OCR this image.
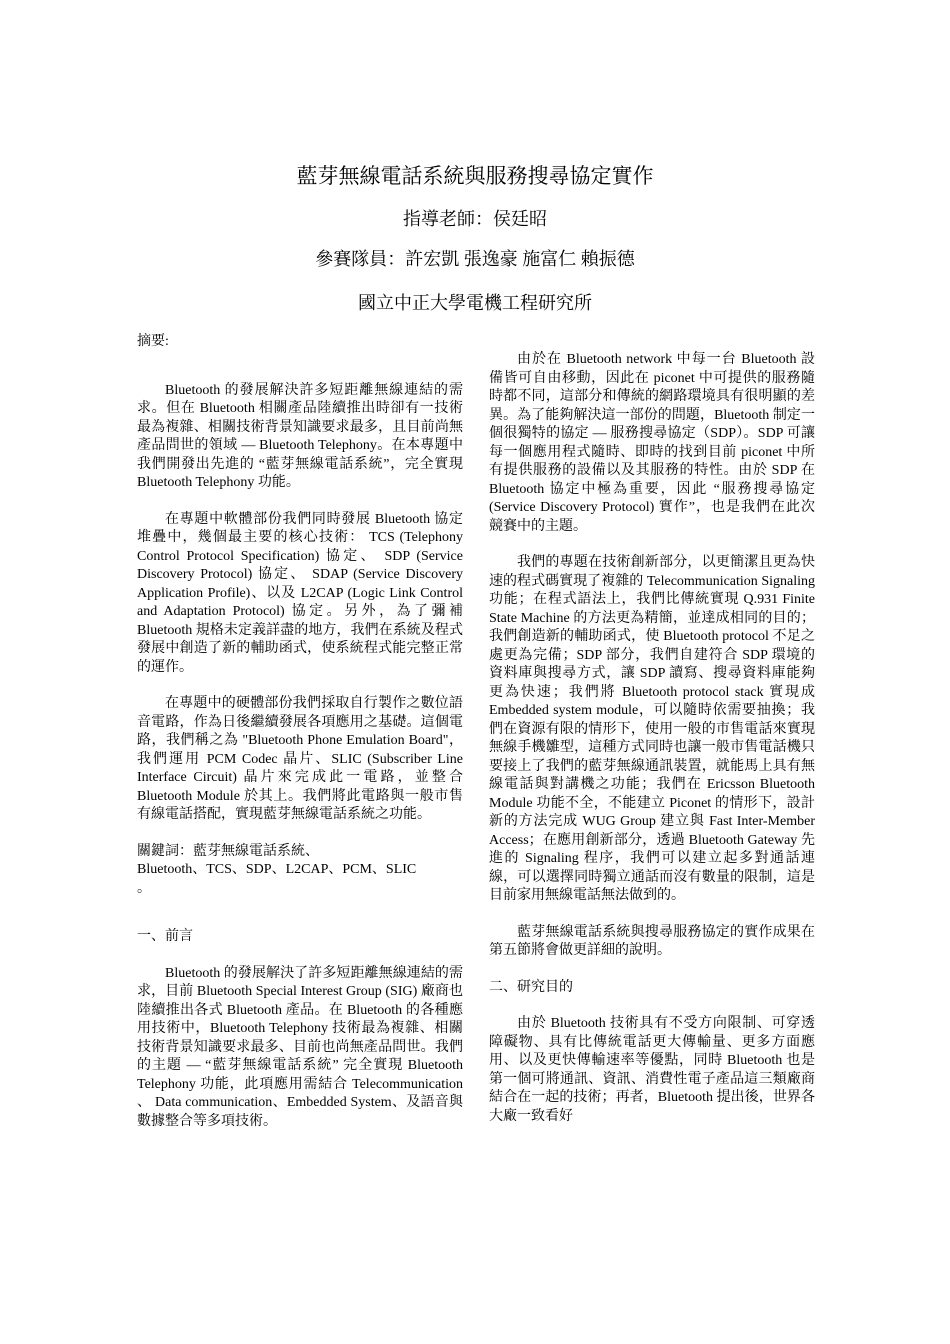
藍芽無線電話系統與服務搜尋協定實作
指導老師：侯廷昭
參賽隊員：許宏凱 張逸豪 施富仁 賴振德
國立中正大學電機工程研究所

摘要:

Bluetooth 的發展解決許多短距離無線連結的需求。但在 Bluetooth 相關產品陸續推出時卻有一技術最為複雜、相關技術背景知識要求最多，且目前尚無產品問世的領域 — Bluetooth Telephony。在本專題中我們開發出先進的 “藍芽無線電話系統”，完全實現 Bluetooth Telephony 功能。

在專題中軟體部份我們同時發展 Bluetooth 協定堆疊中，幾個最主要的核心技術： TCS (Telephony Control Protocol Specification) 協定、 SDP (Service Discovery Protocol) 協定、 SDAP (Service Discovery Application Profile)、以及 L2CAP (Logic Link Control and Adaptation Protocol) 協定。另外，為了彌補 Bluetooth 規格未定義詳盡的地方，我們在系統及程式發展中創造了新的輔助函式，使系統程式能完整正常的運作。

在專題中的硬體部份我們採取自行製作之數位語音電路，作為日後繼續發展各項應用之基礎。這個電路，我們稱之為 "Bluetooth Phone Emulation Board"，我們運用 PCM Codec 晶片、SLIC (Subscriber Line Interface Circuit) 晶片來完成此一電路，並整合 Bluetooth Module 於其上。我們將此電路與一般市售有線電話搭配，實現藍芽無線電話系統之功能。

關鍵詞：藍芽無線電話系統、

Bluetooth、TCS、SDP、L2CAP、PCM、SLIC

。

一、前言

Bluetooth 的發展解決了許多短距離無線連結的需求，目前 Bluetooth Special Interest Group (SIG) 廠商也陸續推出各式 Bluetooth 產品。在 Bluetooth 的各種應用技術中，Bluetooth Telephony 技術最為複雜、相關技術背景知識要求最多、目前也尚無產品問世。我們的主題 — “藍芽無線電話系統” 完全實現 Bluetooth Telephony 功能，此項應用需結合 Telecommunication 、 Data communication、Embedded System、及語音與數據整合等多項技術。

由於在 Bluetooth network 中每一台 Bluetooth 設備皆可自由移動，因此在 piconet 中可提供的服務隨時都不同，這部分和傳統的網路環境具有很明顯的差異。為了能夠解決這一部份的問題，Bluetooth 制定一個很獨特的協定 — 服務搜尋協定（SDP）。SDP 可讓每一個應用程式隨時、即時的找到目前 piconet 中所有提供服務的設備以及其服務的特性。由於 SDP 在 Bluetooth 協定中極為重要，因此 “服務搜尋協定 (Service Discovery Protocol) 實作”，也是我們在此次競賽中的主題。

我們的專題在技術創新部分，以更簡潔且更為快速的程式碼實現了複雜的 Telecommunication Signaling 功能；在程式語法上，我們比傳統實現 Q.931 Finite State Machine 的方法更為精簡，並達成相同的目的；我們創造新的輔助函式，使 Bluetooth protocol 不足之處更為完備；SDP 部分，我們自建符合 SDP 環境的資料庫與搜尋方式，讓 SDP 讀寫、搜尋資料庫能夠更為快速；我們將 Bluetooth protocol stack 實現成 Embedded system module，可以隨時依需要抽換；我們在資源有限的情形下，使用一般的市售電話來實現無線手機雛型，這種方式同時也讓一般市售電話機只要接上了我們的藍芽無線通訊裝置，就能馬上具有無線電話與對講機之功能；我們在 Ericsson Bluetooth Module 功能不全，不能建立 Piconet 的情形下，設計新的方法完成 WUG Group 建立與 Fast Inter-Member Access；在應用創新部分，透過 Bluetooth Gateway 先進的 Signaling 程序，我們可以建立起多對通話連線，可以選擇同時獨立通話而沒有數量的限制，這是目前家用無線電話無法做到的。

藍芽無線電話系統與搜尋服務協定的實作成果在第五節將會做更詳細的說明。

二、研究目的

由於 Bluetooth 技術具有不受方向限制、可穿透障礙物、具有比傳統電話更大傳輸量、更多方面應用、以及更快傳輸速率等優點，同時 Bluetooth 也是第一個可將通訊、資訊、消費性電子產品這三類廠商結合在一起的技術；再者，Bluetooth 提出後，世界各大廠一致看好
